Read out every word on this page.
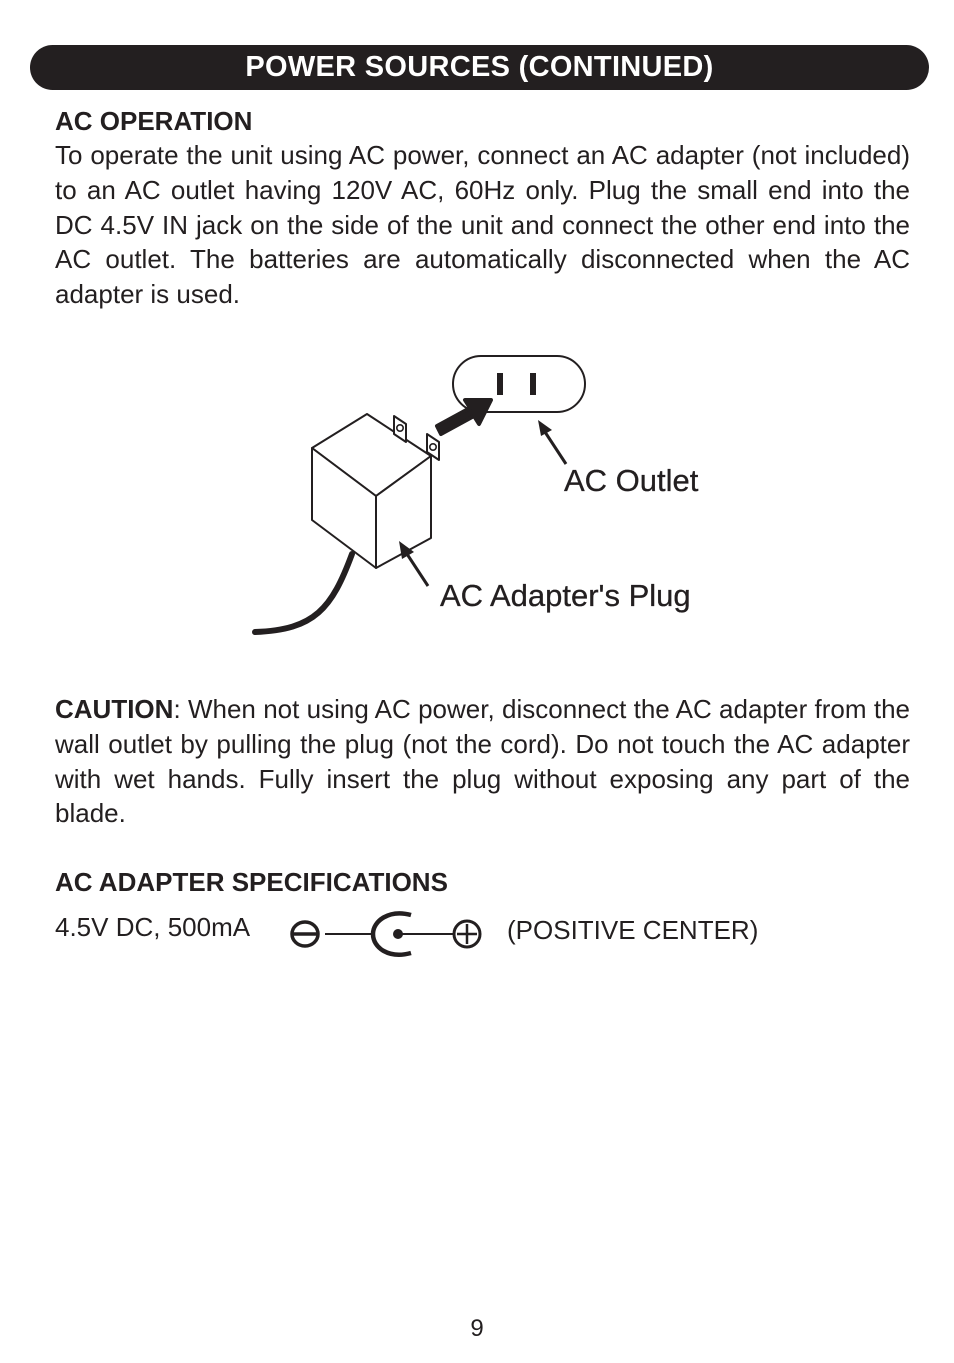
POWER SOURCES (CONTINUED)
AC OPERATION
To operate the unit using AC power, connect an AC adapter (not included) to an AC outlet having 120V AC, 60Hz only. Plug the small end into the DC 4.5V IN jack on the side of the unit and connect the other end into the AC outlet. The batteries are automatically disconnected when the AC adapter is used.
AC Outlet
AC Adapter's Plug
CAUTION: When not using AC power, disconnect the AC adapter from the wall outlet by pulling the plug (not the cord). Do not touch the AC adapter with wet hands. Fully insert the plug without exposing any part of the blade.
AC ADAPTER SPECIFICATIONS
4.5V DC, 500mA	(POSITIVE CENTER)
9
